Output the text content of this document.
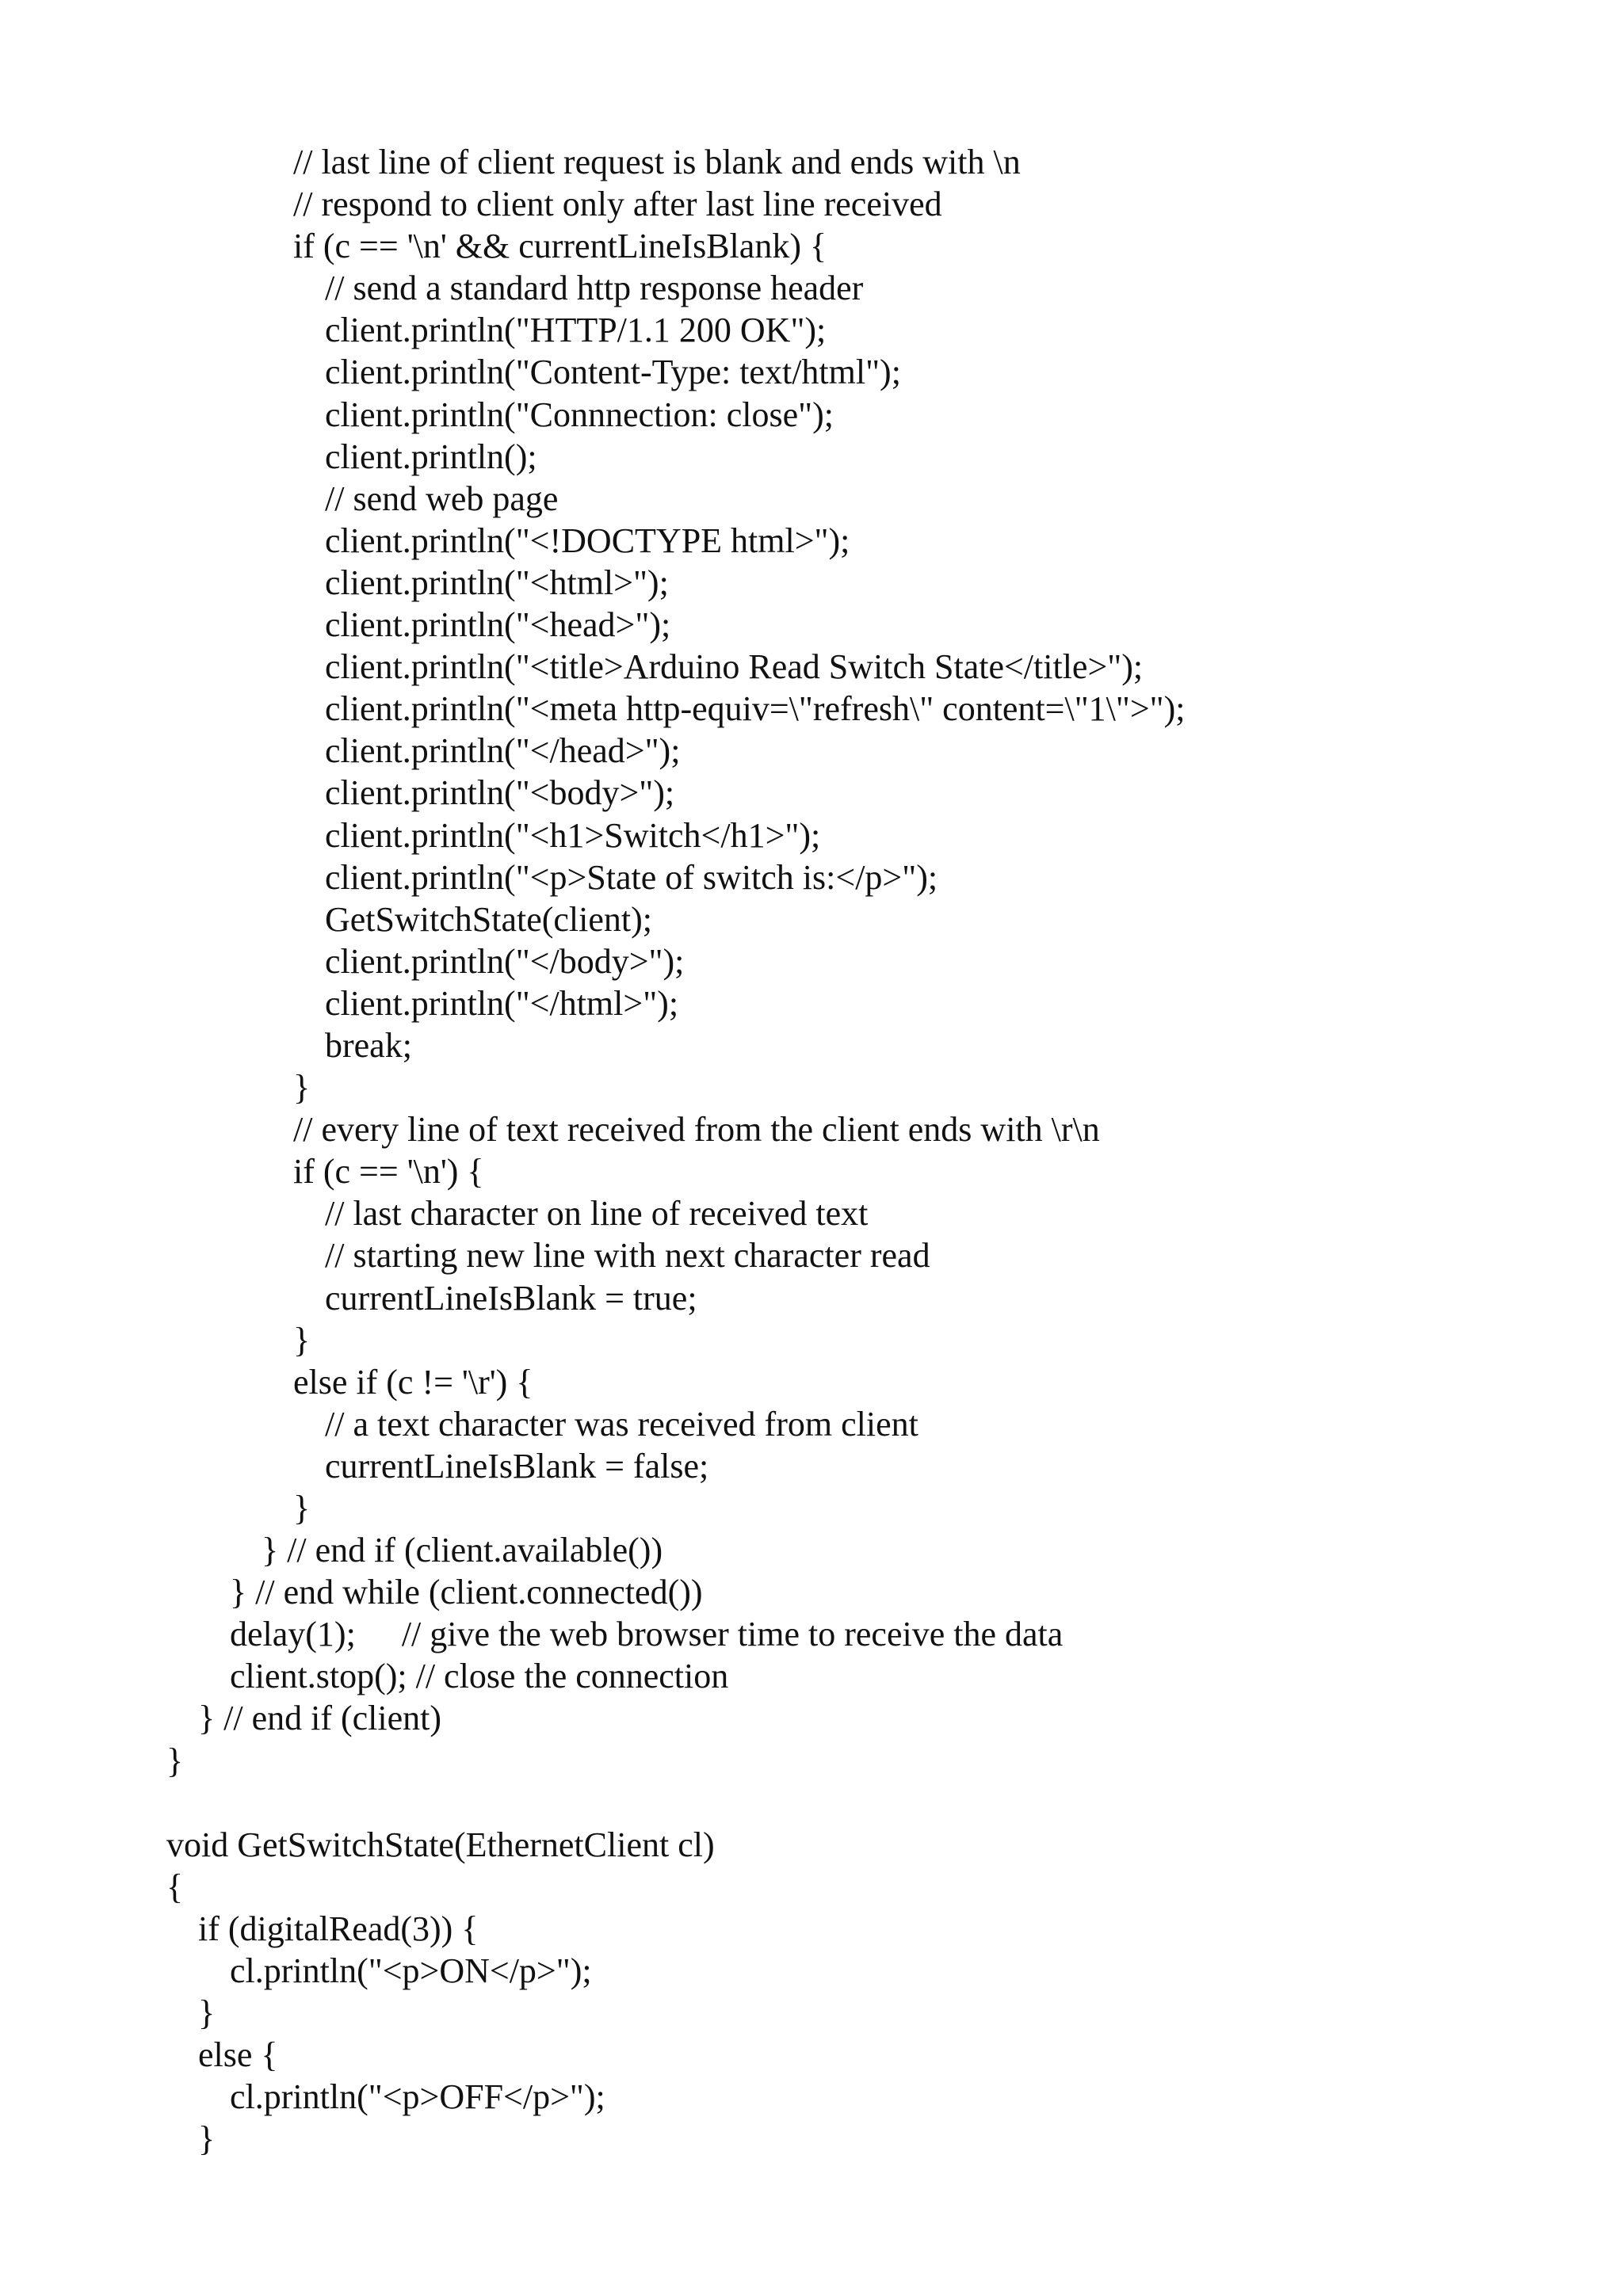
// last line of client request is blank and ends with \n
// respond to client only after last line received
if (c == '\n' && currentLineIsBlank) {
// send a standard http response header
client.println("HTTP/1.1 200 OK");
client.println("Content-Type: text/html");
client.println("Connnection: close");
client.println();
// send web page
client.println("<!DOCTYPE html>");
client.println("<html>");
client.println("<head>");
client.println("<title>Arduino Read Switch State</title>");
client.println("<meta http-equiv=\"refresh\" content=\"1\">");
client.println("</head>");
client.println("<body>");
client.println("<h1>Switch</h1>");
client.println("<p>State of switch is:</p>");
GetSwitchState(client);
client.println("</body>");
client.println("</html>");
break;
}
// every line of text received from the client ends with \r\n
if (c == '\n') {
// last character on line of received text
// starting new line with next character read
currentLineIsBlank = true;
}
else if (c != '\r') {
// a text character was received from client
currentLineIsBlank = false;
}
} // end if (client.available())
} // end while (client.connected())
delay(1); // give the web browser time to receive the data
client.stop(); // close the connection
} // end if (client)
}
void GetSwitchState(EthernetClient cl)
{
if (digitalRead(3)) {
cl.println("<p>ON</p>");
}
else {
cl.println("<p>OFF</p>");
}
